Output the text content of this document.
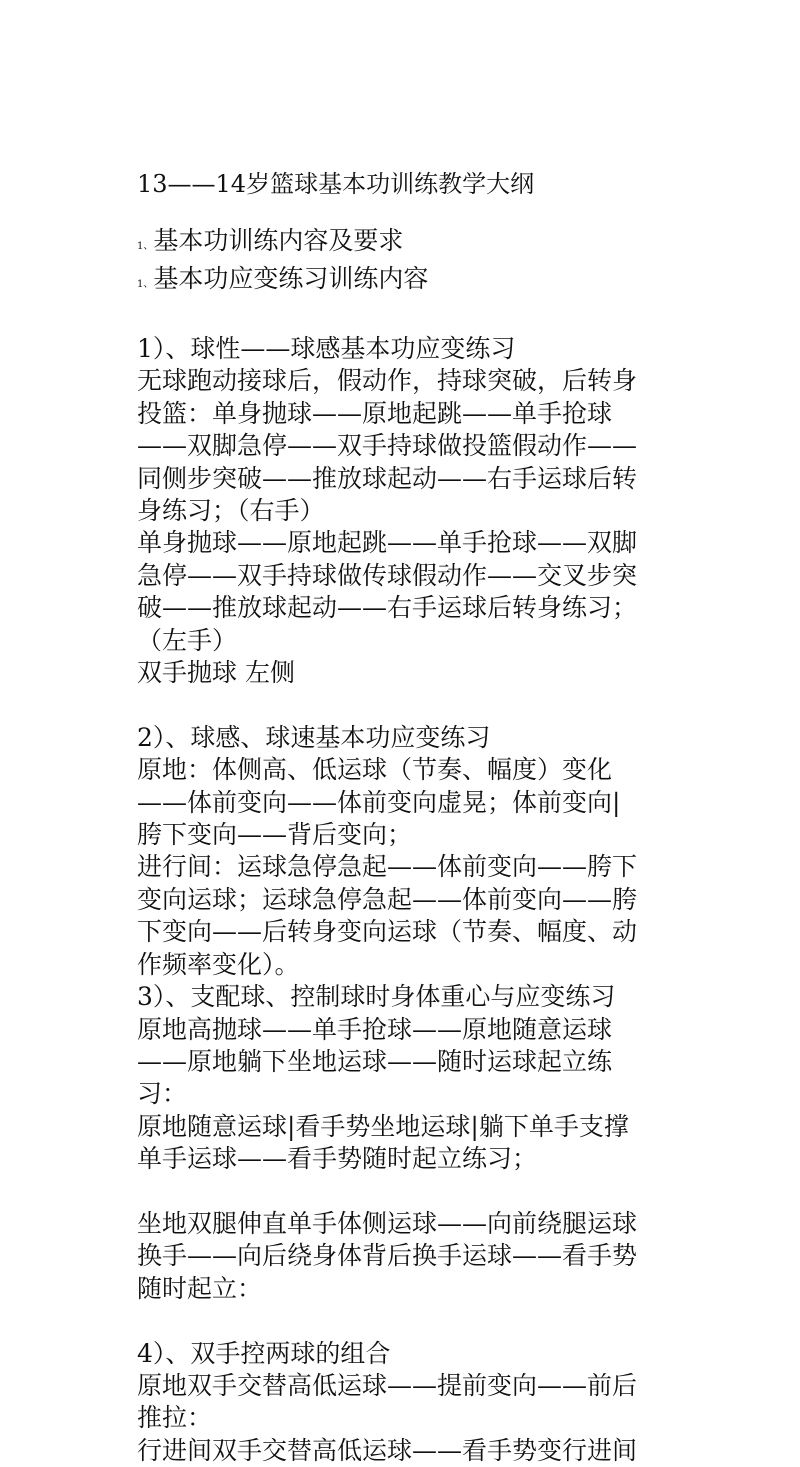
13——14岁篮球基本功训练教学大纲
1、基本功训练内容及要求
1、基本功应变练习训练内容
1）、球性——球感基本功应变练习
无球跑动接球后，假动作，持球突破，后转身
投篮：单身抛球——原地起跳——单手抢球
——双脚急停——双手持球做投篮假动作——
同侧步突破——推放球起动——右手运球后转
身练习；（右手）
单身抛球——原地起跳——单手抢球——双脚
急停——双手持球做传球假动作——交叉步突
破——推放球起动——右手运球后转身练习；
（左手）
双手抛球 左侧
2）、球感、球速基本功应变练习
原地：体侧高、低运球（节奏、幅度）变化
——体前变向——体前变向虚晃；体前变向|
胯下变向——背后变向；
进行间：运球急停急起——体前变向——胯下
变向运球；运球急停急起——体前变向——胯
下变向——后转身变向运球（节奏、幅度、动
作频率变化）。
3）、支配球、控制球时身体重心与应变练习
原地高抛球——单手抢球——原地随意运球
——原地躺下坐地运球——随时运球起立练
习：
原地随意运球|看手势坐地运球|躺下单手支撑
单手运球——看手势随时起立练习；
坐地双腿伸直单手体侧运球——向前绕腿运球
换手——向后绕身体背后换手运球——看手势
随时起立：
4）、双手控两球的组合
原地双手交替高低运球——提前变向——前后
推拉：
行进间双手交替高低运球——看手势变行进间
